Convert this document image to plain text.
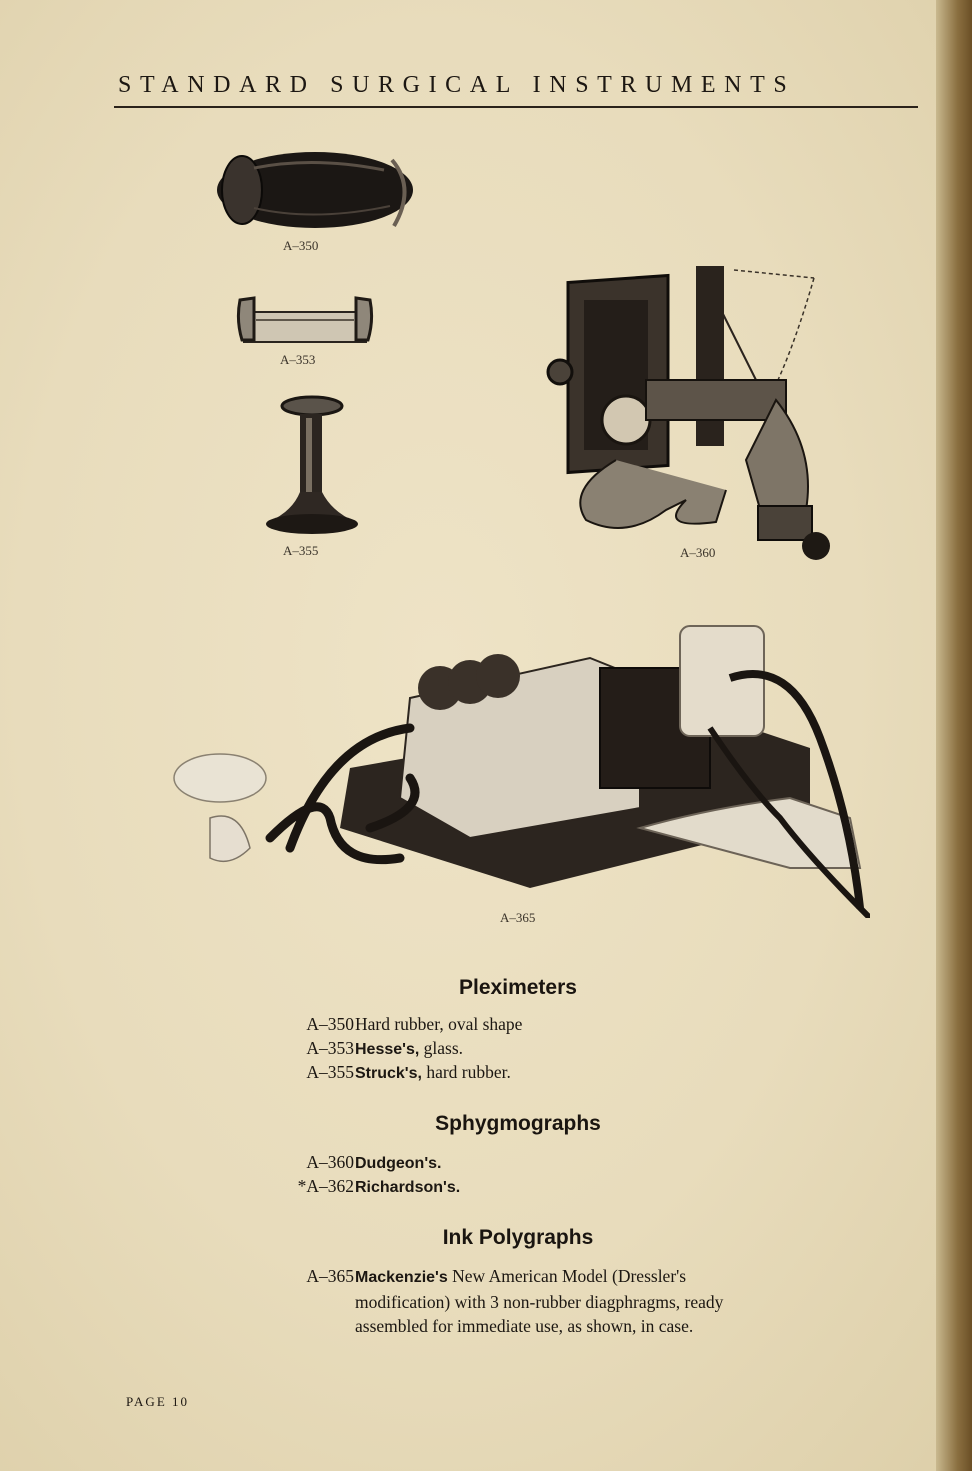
STANDARD SURGICAL INSTRUMENTS
A–350
A–353
A–355	A–360
A–365
Pleximeters
A–350 Hard rubber, oval shape
A–353 Hesse's, glass.
A–355 Struck's, hard rubber.
Sphygmographs
A–360 Dudgeon's.
*A–362 Richardson's.
Ink Polygraphs
A–365 Mackenzie's New American Model (Dressler's modification) with 3 non-rubber diagphragms, ready assembled for immediate use, as shown, in case.
PAGE 10
